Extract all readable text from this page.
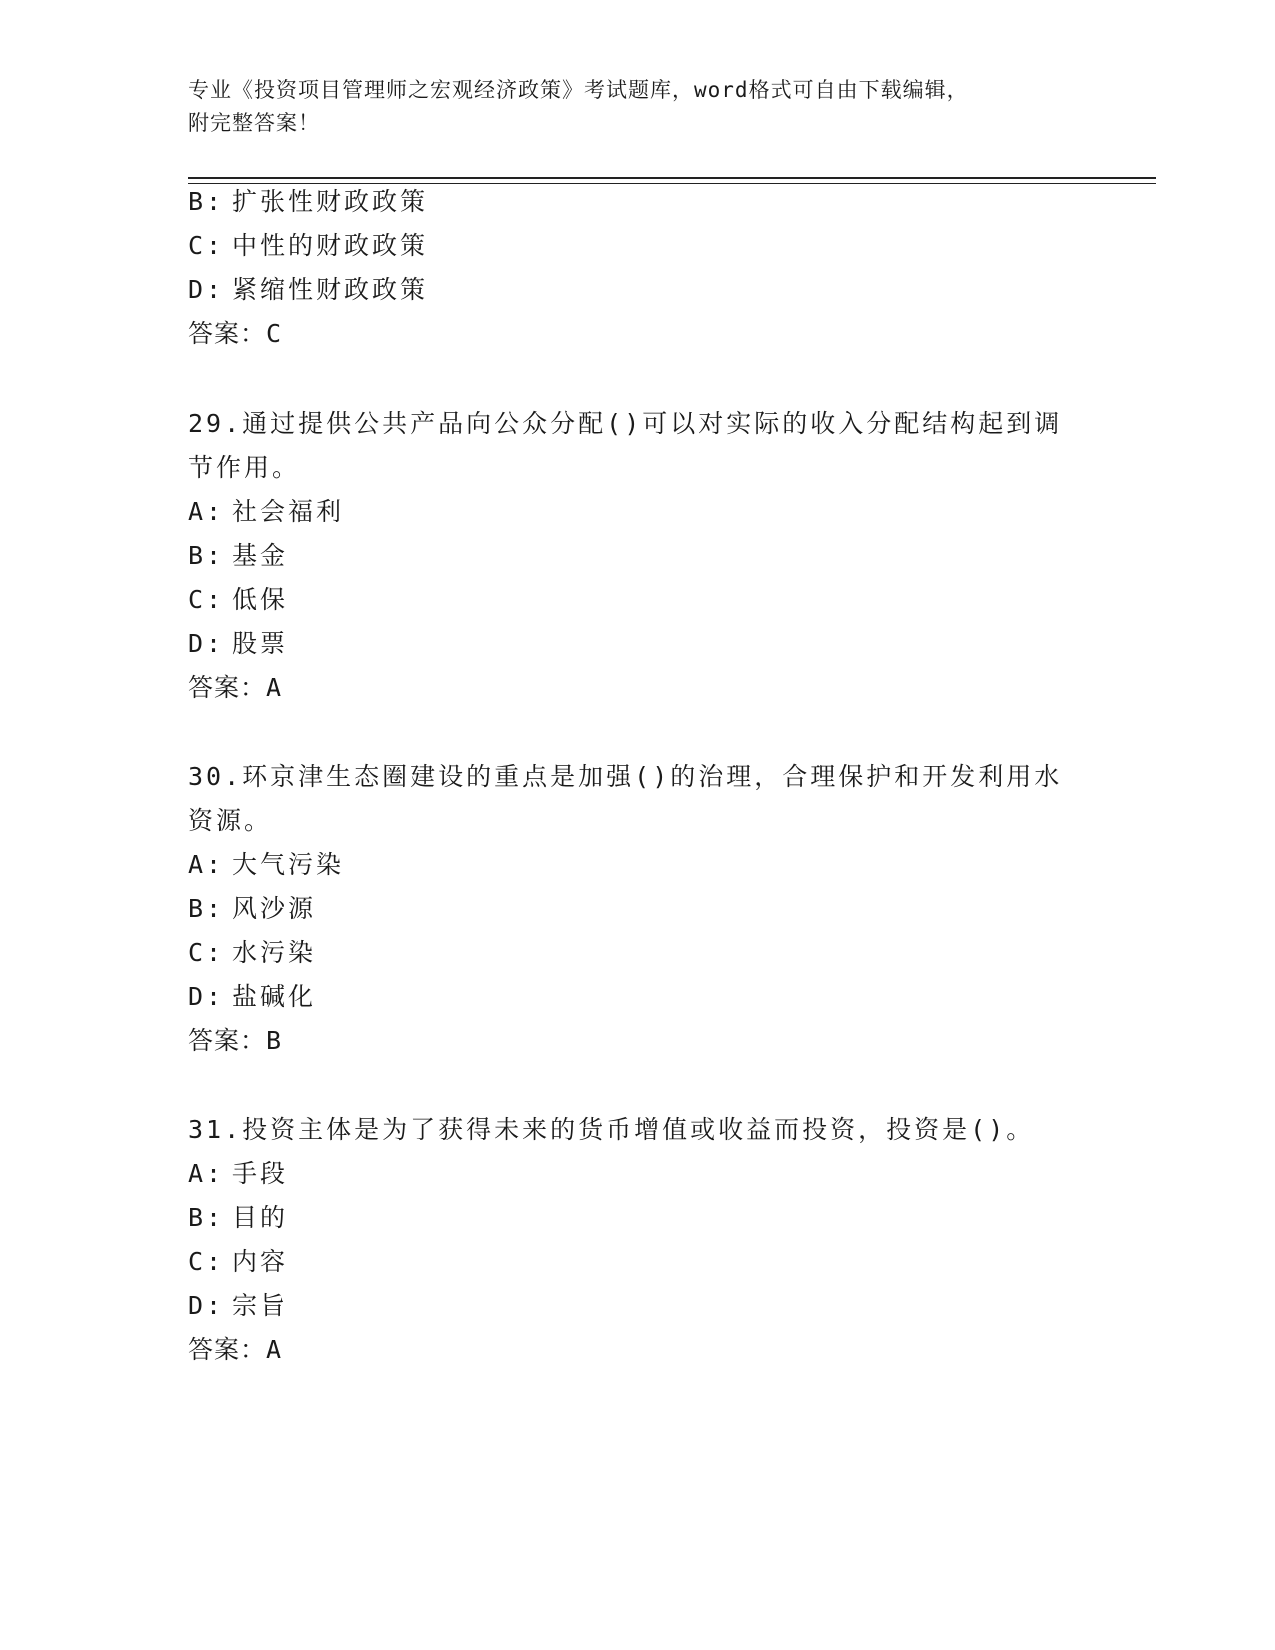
专业《投资项目管理师之宏观经济政策》考试题库，word格式可自由下载编辑，
附完整答案！
B: 扩张性财政政策
C: 中性的财政政策
D: 紧缩性财政政策
答案：C
29.通过提供公共产品向公众分配()可以对实际的收入分配结构起到调
节作用。
A: 社会福利
B: 基金
C: 低保
D: 股票
答案：A
30.环京津生态圈建设的重点是加强()的治理，合理保护和开发利用水
资源。
A: 大气污染
B: 风沙源
C: 水污染
D: 盐碱化
答案：B
31.投资主体是为了获得未来的货币增值或收益而投资，投资是()。
A: 手段
B: 目的
C: 内容
D: 宗旨
答案：A
